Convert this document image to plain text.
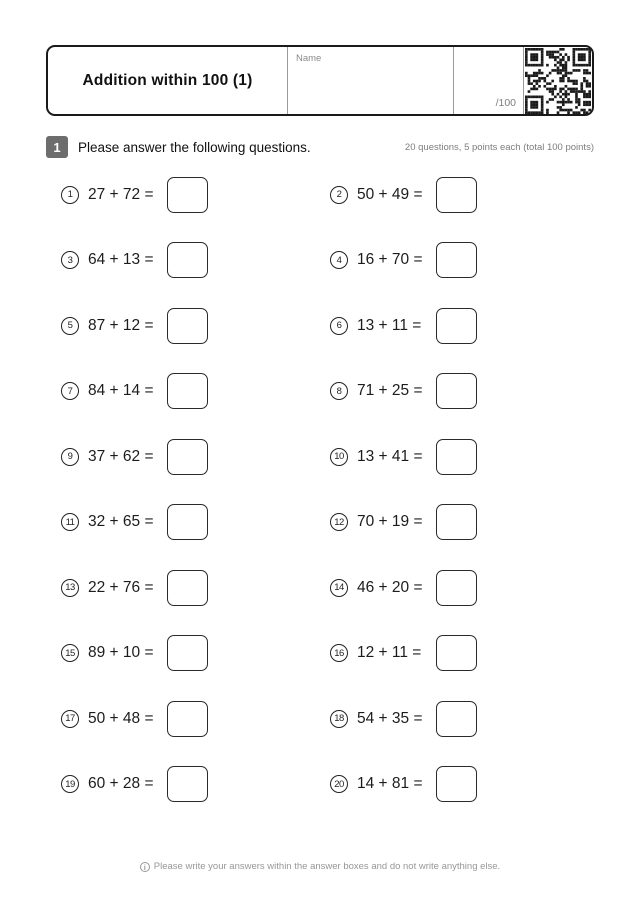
Addition within 100 (1)
Name
/100
1	Please answer the following questions.	20 questions, 5 points each (total 100 points)
1 27 + 72 =	2 50 + 49 =
3 64 + 13 =	4 16 + 70 =
5 87 + 12 =	6 13 + 11 =
7 84 + 14 =	8 71 + 25 =
9 37 + 62 =	10 13 + 41 =
11 32 + 65 =	12 70 + 19 =
13 22 + 76 =	14 46 + 20 =
15 89 + 10 =	16 12 + 11 =
17 50 + 48 =	18 54 + 35 =
19 60 + 28 =	20 14 + 81 =
i Please write your answers within the answer boxes and do not write anything else.
